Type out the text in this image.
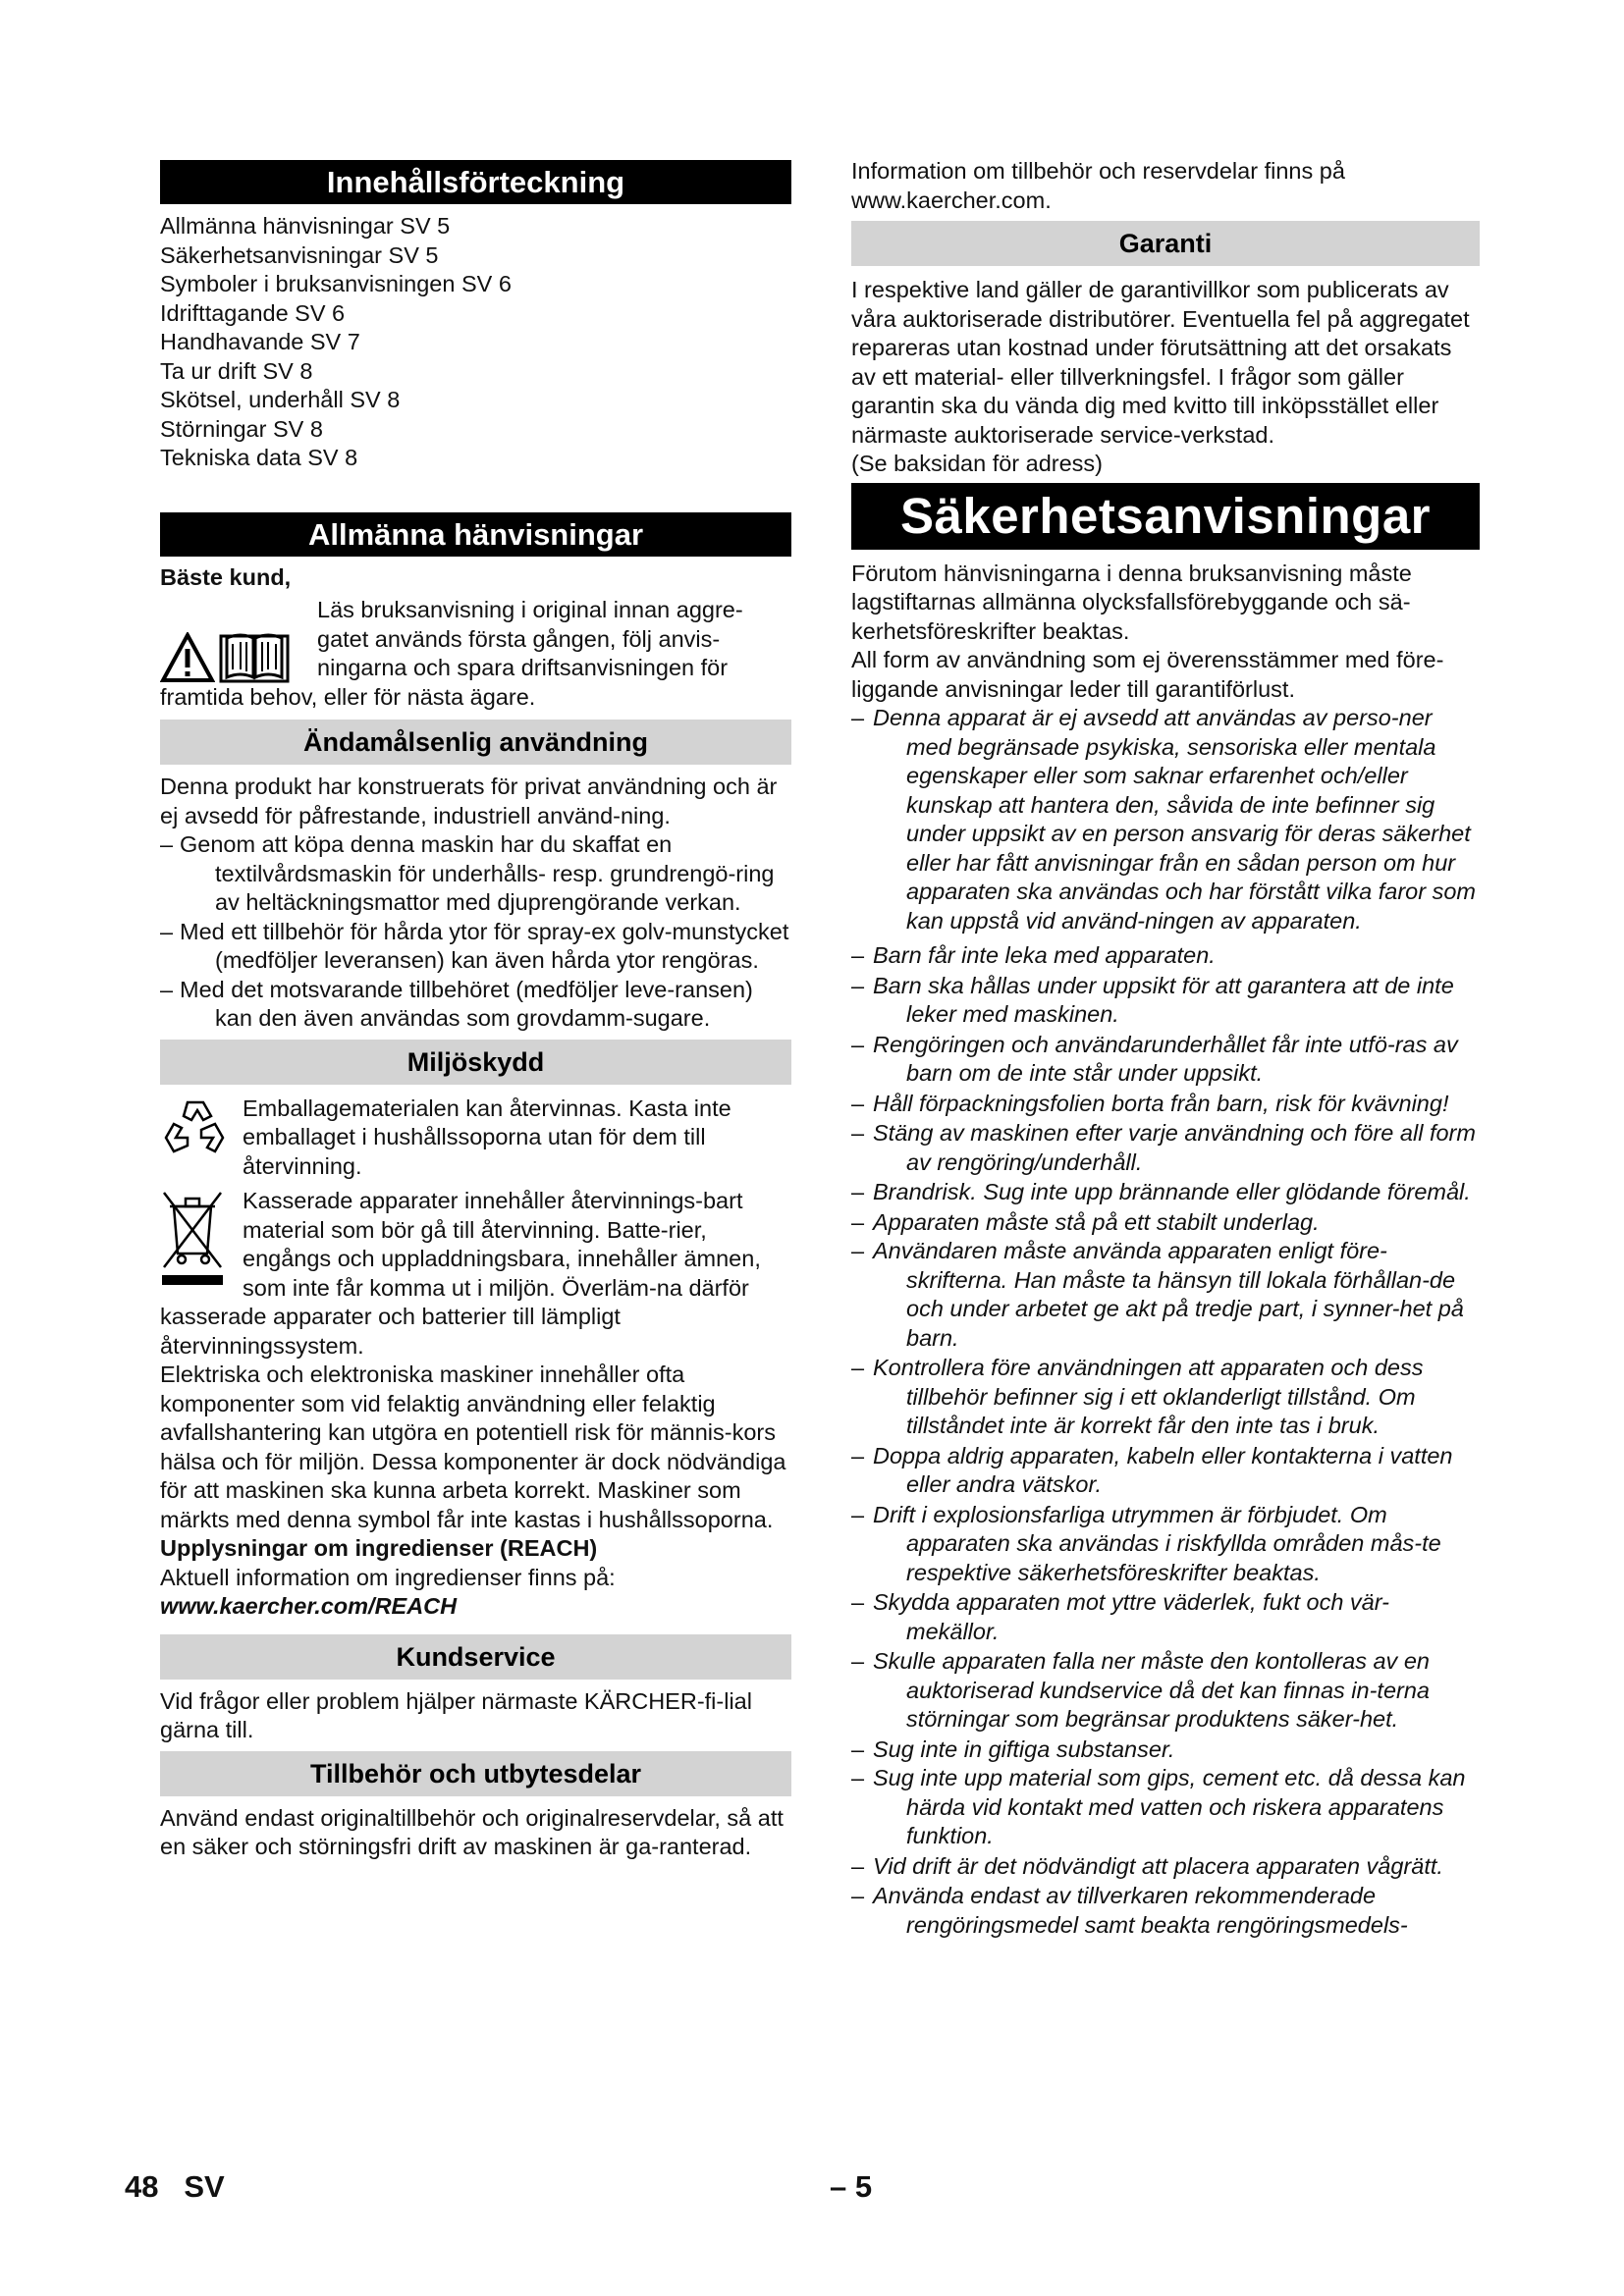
Innehållsförteckning

Allmänna hänvisningar SV 5

Säkerhetsanvisningar SV 5

Symboler i bruksanvisningen SV 6

Idrifttagande SV 6

Handhavande SV 7

Ta ur drift SV 8

Skötsel, underhåll SV 8

Störningar SV 8

Tekniska data SV 8

Allmänna hänvisningar

Bäste kund,

Läs bruksanvisning i original innan aggre-

gatet används första gången, följ anvis-

ningarna och spara driftsanvisningen för

framtida behov, eller för nästa ägare.

Ändamålsenlig användning

Denna produkt har konstruerats för privat användning och är ej avsedd för påfrestande, industriell använd-ning.

– Genom att köpa denna maskin har du skaffat en textilvårdsmaskin för underhålls- resp. grundrengö-ring av heltäckningsmattor med djuprengörande verkan.
– Med ett tillbehör för hårda ytor för spray-ex golv-munstycket (medföljer leveransen) kan även hårda ytor rengöras.
– Med det motsvarande tillbehöret (medföljer leve-ransen) kan den även användas som grovdamm-sugare.
Miljöskydd

Emballagematerialen kan återvinnas. Kasta inte emballaget i hushållssoporna utan för dem till återvinning.

Kasserade apparater innehåller återvinnings-bart material som bör gå till återvinning. Batte-rier, engångs och uppladdningsbara, innehåller ämnen, som inte får komma ut i miljön. Överläm-na därför kasserade apparater och batterier till lämpligt återvinningssystem.

Elektriska och elektroniska maskiner innehåller ofta komponenter som vid felaktig användning eller felaktig avfallshantering kan utgöra en potentiell risk för männis-kors hälsa och för miljön. Dessa komponenter är dock nödvändiga för att maskinen ska kunna arbeta korrekt. Maskiner som märkts med denna symbol får inte kastas i hushållssoporna.

Upplysningar om ingredienser (REACH)

Aktuell information om ingredienser finns på:

www.kaercher.com/REACH

Kundservice

Vid frågor eller problem hjälper närmaste KÄRCHER-fi-lial gärna till.

Tillbehör och utbytesdelar

Använd endast originaltillbehör och originalreservdelar, så att en säker och störningsfri drift av maskinen är ga-ranterad.

Information om tillbehör och reservdelar finns på www.kaercher.com.

Garanti

I respektive land gäller de garantivillkor som publicerats av våra auktoriserade distributörer. Eventuella fel på aggregatet repareras utan kostnad under förutsättning att det orsakats av ett material- eller tillverkningsfel. I frågor som gäller garantin ska du vända dig med kvitto till inköpsstället eller närmaste auktoriserade service-verkstad.

(Se baksidan för adress)

Säkerhetsanvisningar

Förutom hänvisningarna i denna bruksanvisning måste lagstiftarnas allmänna olycksfallsförebyggande och sä-kerhetsföreskrifter beaktas.

All form av användning som ej överensstämmer med före-liggande anvisningar leder till garantiförlust.

– Denna apparat är ej avsedd att användas av perso-ner med begränsade psykiska, sensoriska eller mentala egenskaper eller som saknar erfarenhet och/eller kunskap att hantera den, såvida de inte befinner sig under uppsikt av en person ansvarig för deras säkerhet eller har fått anvisningar från en sådan person om hur apparaten ska användas och har förstått vilka faror som kan uppstå vid använd-ningen av apparaten.
– Barn får inte leka med apparaten.
– Barn ska hållas under uppsikt för att garantera att de inte leker med maskinen.
– Rengöringen och användarunderhållet får inte utfö-ras av barn om de inte står under uppsikt.
– Håll förpackningsfolien borta från barn, risk för kvävning!
– Stäng av maskinen efter varje användning och före all form av rengöring/underhåll.
– Brandrisk. Sug inte upp brännande eller glödande föremål.
– Apparaten måste stå på ett stabilt underlag.
– Användaren måste använda apparaten enligt före-skrifterna. Han måste ta hänsyn till lokala förhållan-de och under arbetet ge akt på tredje part, i synner-het på barn.
– Kontrollera före användningen att apparaten och dess tillbehör befinner sig i ett oklanderligt tillstånd. Om tillståndet inte är korrekt får den inte tas i bruk.
– Doppa aldrig apparaten, kabeln eller kontakterna i vatten eller andra vätskor.
– Drift i explosionsfarliga utrymmen är förbjudet. Om apparaten ska användas i riskfyllda områden mås-te respektive säkerhetsföreskrifter beaktas.
– Skydda apparaten mot yttre väderlek, fukt och vär-mekällor.
– Skulle apparaten falla ner måste den kontolleras av en auktoriserad kundservice då det kan finnas in-terna störningar som begränsar produktens säker-het.
– Sug inte in giftiga substanser.
– Sug inte upp material som gips, cement etc. då dessa kan härda vid kontakt med vatten och riskera apparatens funktion.
– Vid drift är det nödvändigt att placera apparaten vågrätt.
– Använda endast av tillverkaren rekommenderade rengöringsmedel samt beakta rengöringsmedels-
48   SV	– 5
